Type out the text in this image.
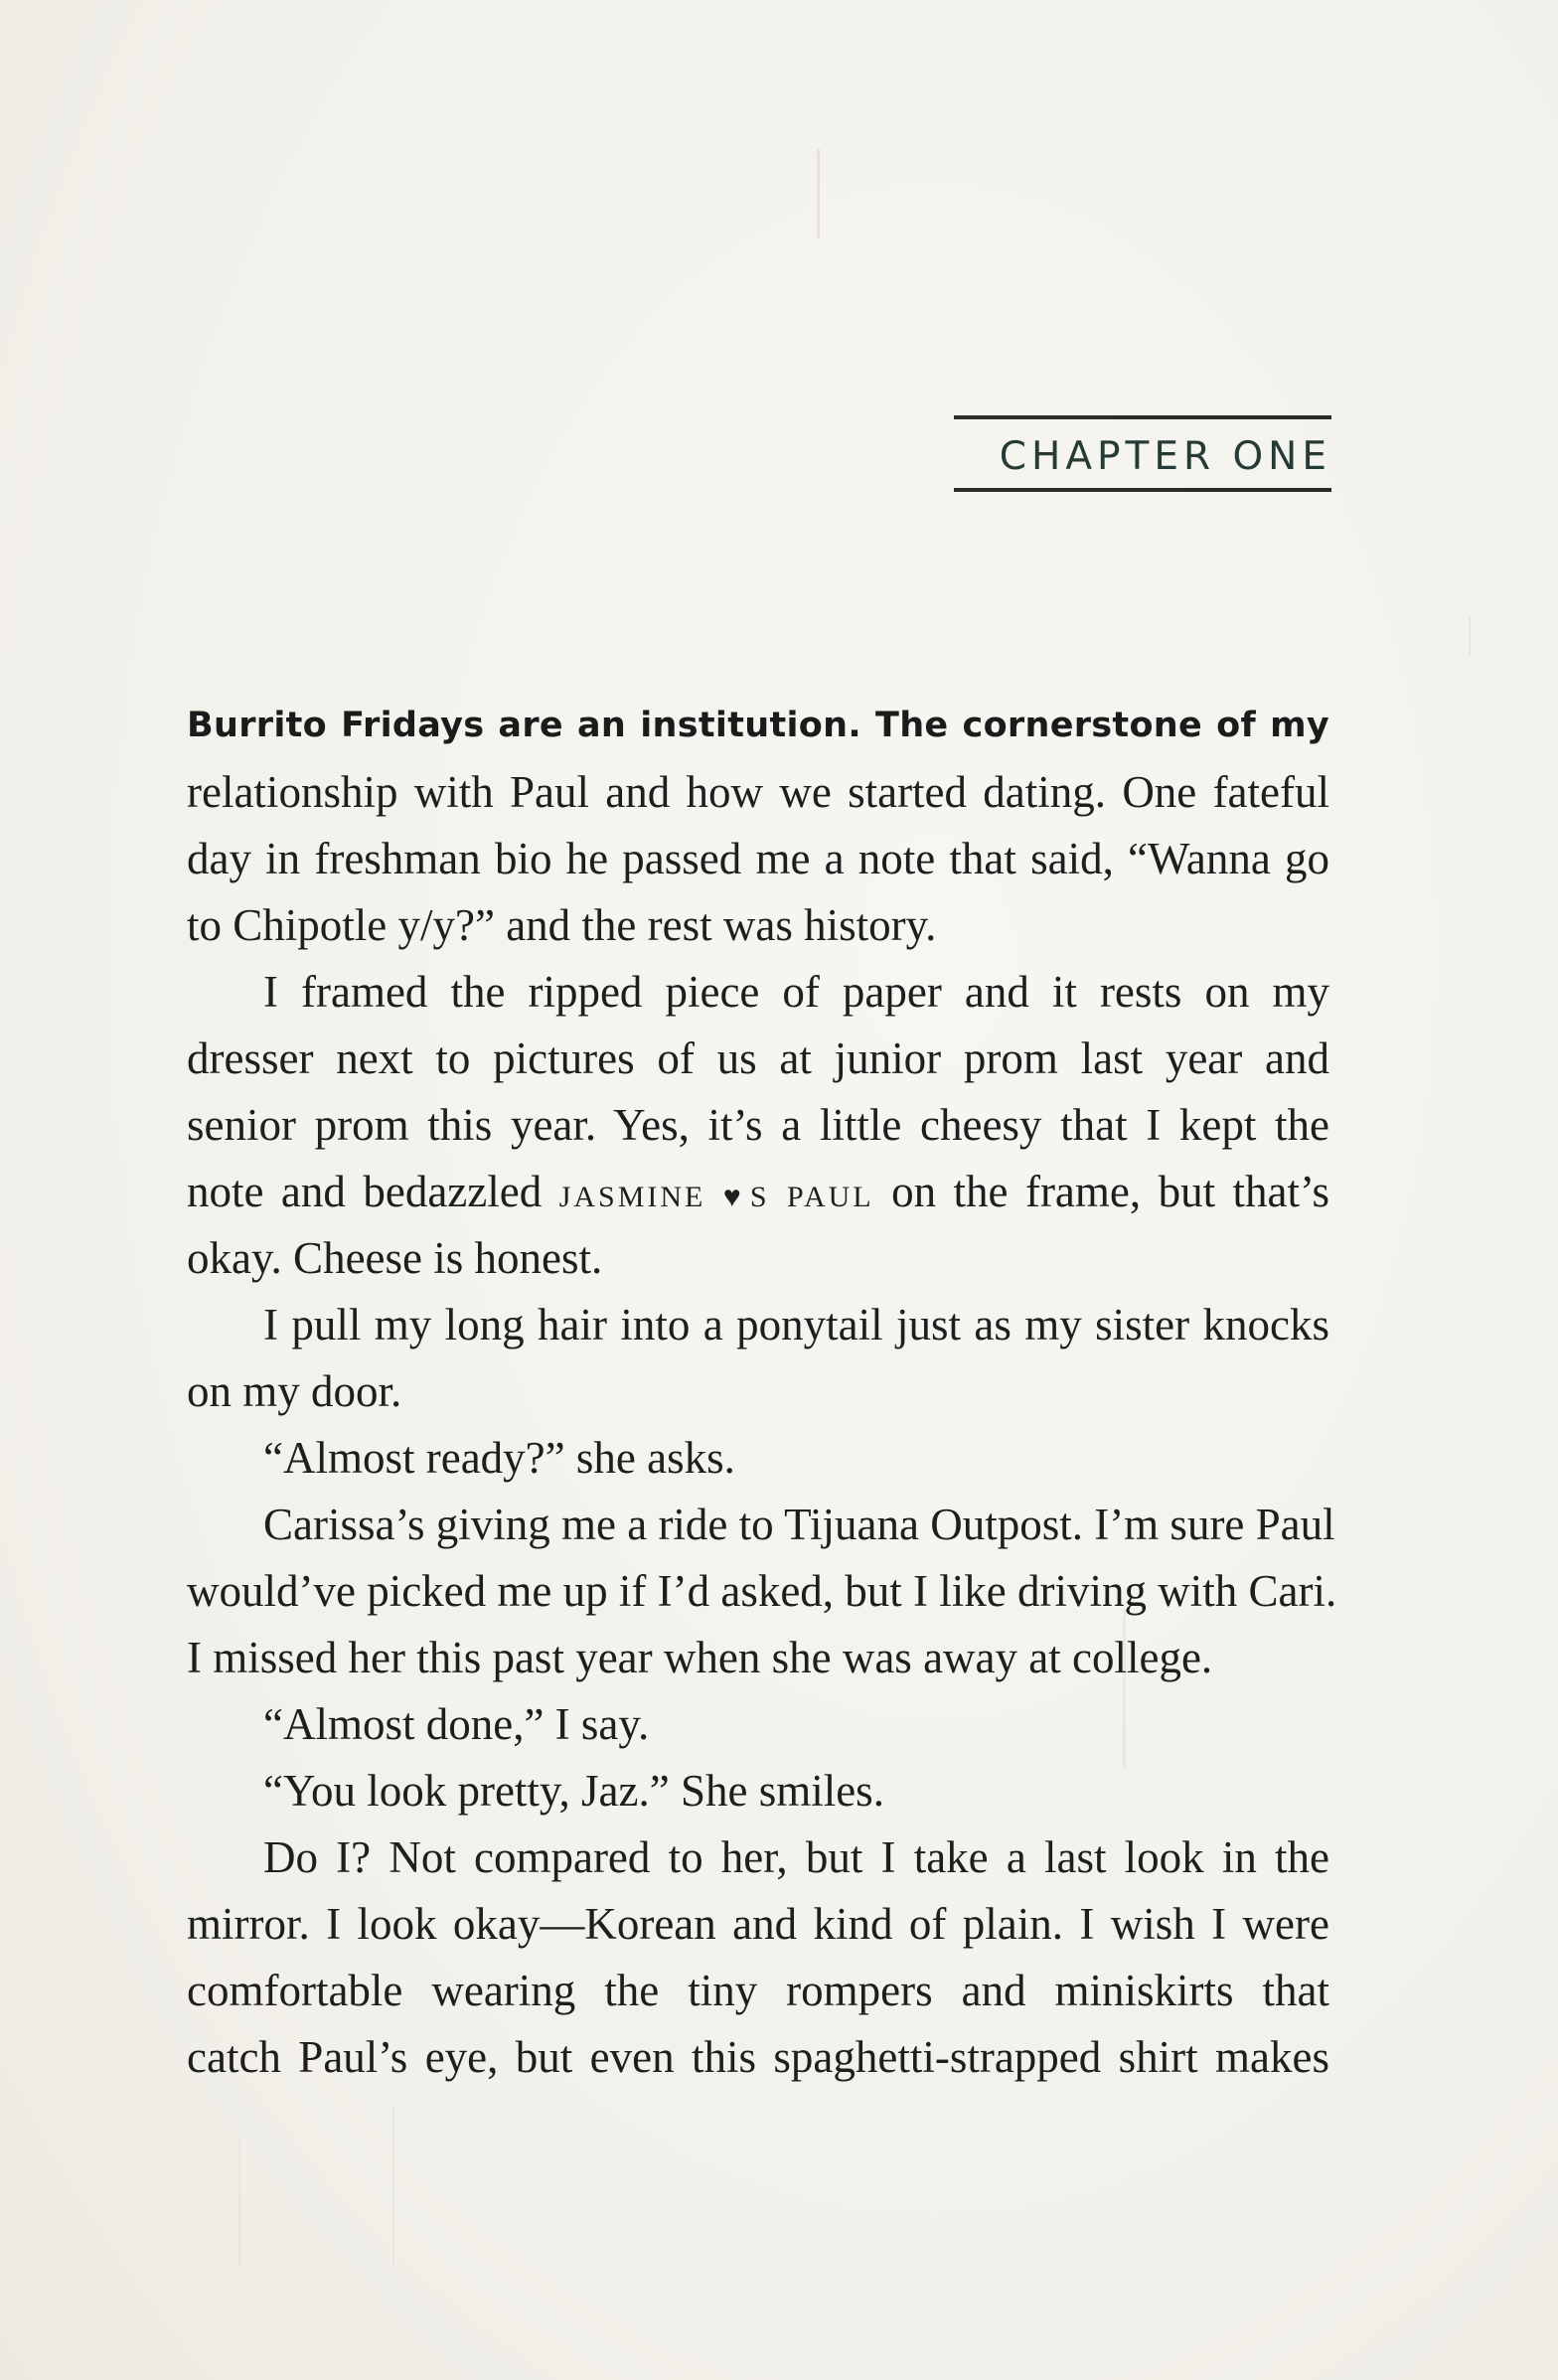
CHAPTER ONE
Burrito Fridays are an institution. The cornerstone of my
relationship with Paul and how we started dating. One fateful
day in freshman bio he passed me a note that said, “Wanna go
to Chipotle y/y?” and the rest was history.
I framed the ripped piece of paper and it rests on my
dresser next to pictures of us at junior prom last year and
senior prom this year. Yes, it’s a little cheesy that I kept the
note and bedazzled JASMINE ♥S PAUL on the frame, but that’s
okay. Cheese is honest.
I pull my long hair into a ponytail just as my sister knocks
on my door.
“Almost ready?” she asks.
Carissa’s giving me a ride to Tijuana Outpost. I’m sure Paul
would’ve picked me up if I’d asked, but I like driving with Cari.
I missed her this past year when she was away at college.
“Almost done,” I say.
“You look pretty, Jaz.” She smiles.
Do I? Not compared to her, but I take a last look in the
mirror. I look okay—Korean and kind of plain. I wish I were
comfortable wearing the tiny rompers and miniskirts that
catch Paul’s eye, but even this spaghetti-strapped shirt makes
